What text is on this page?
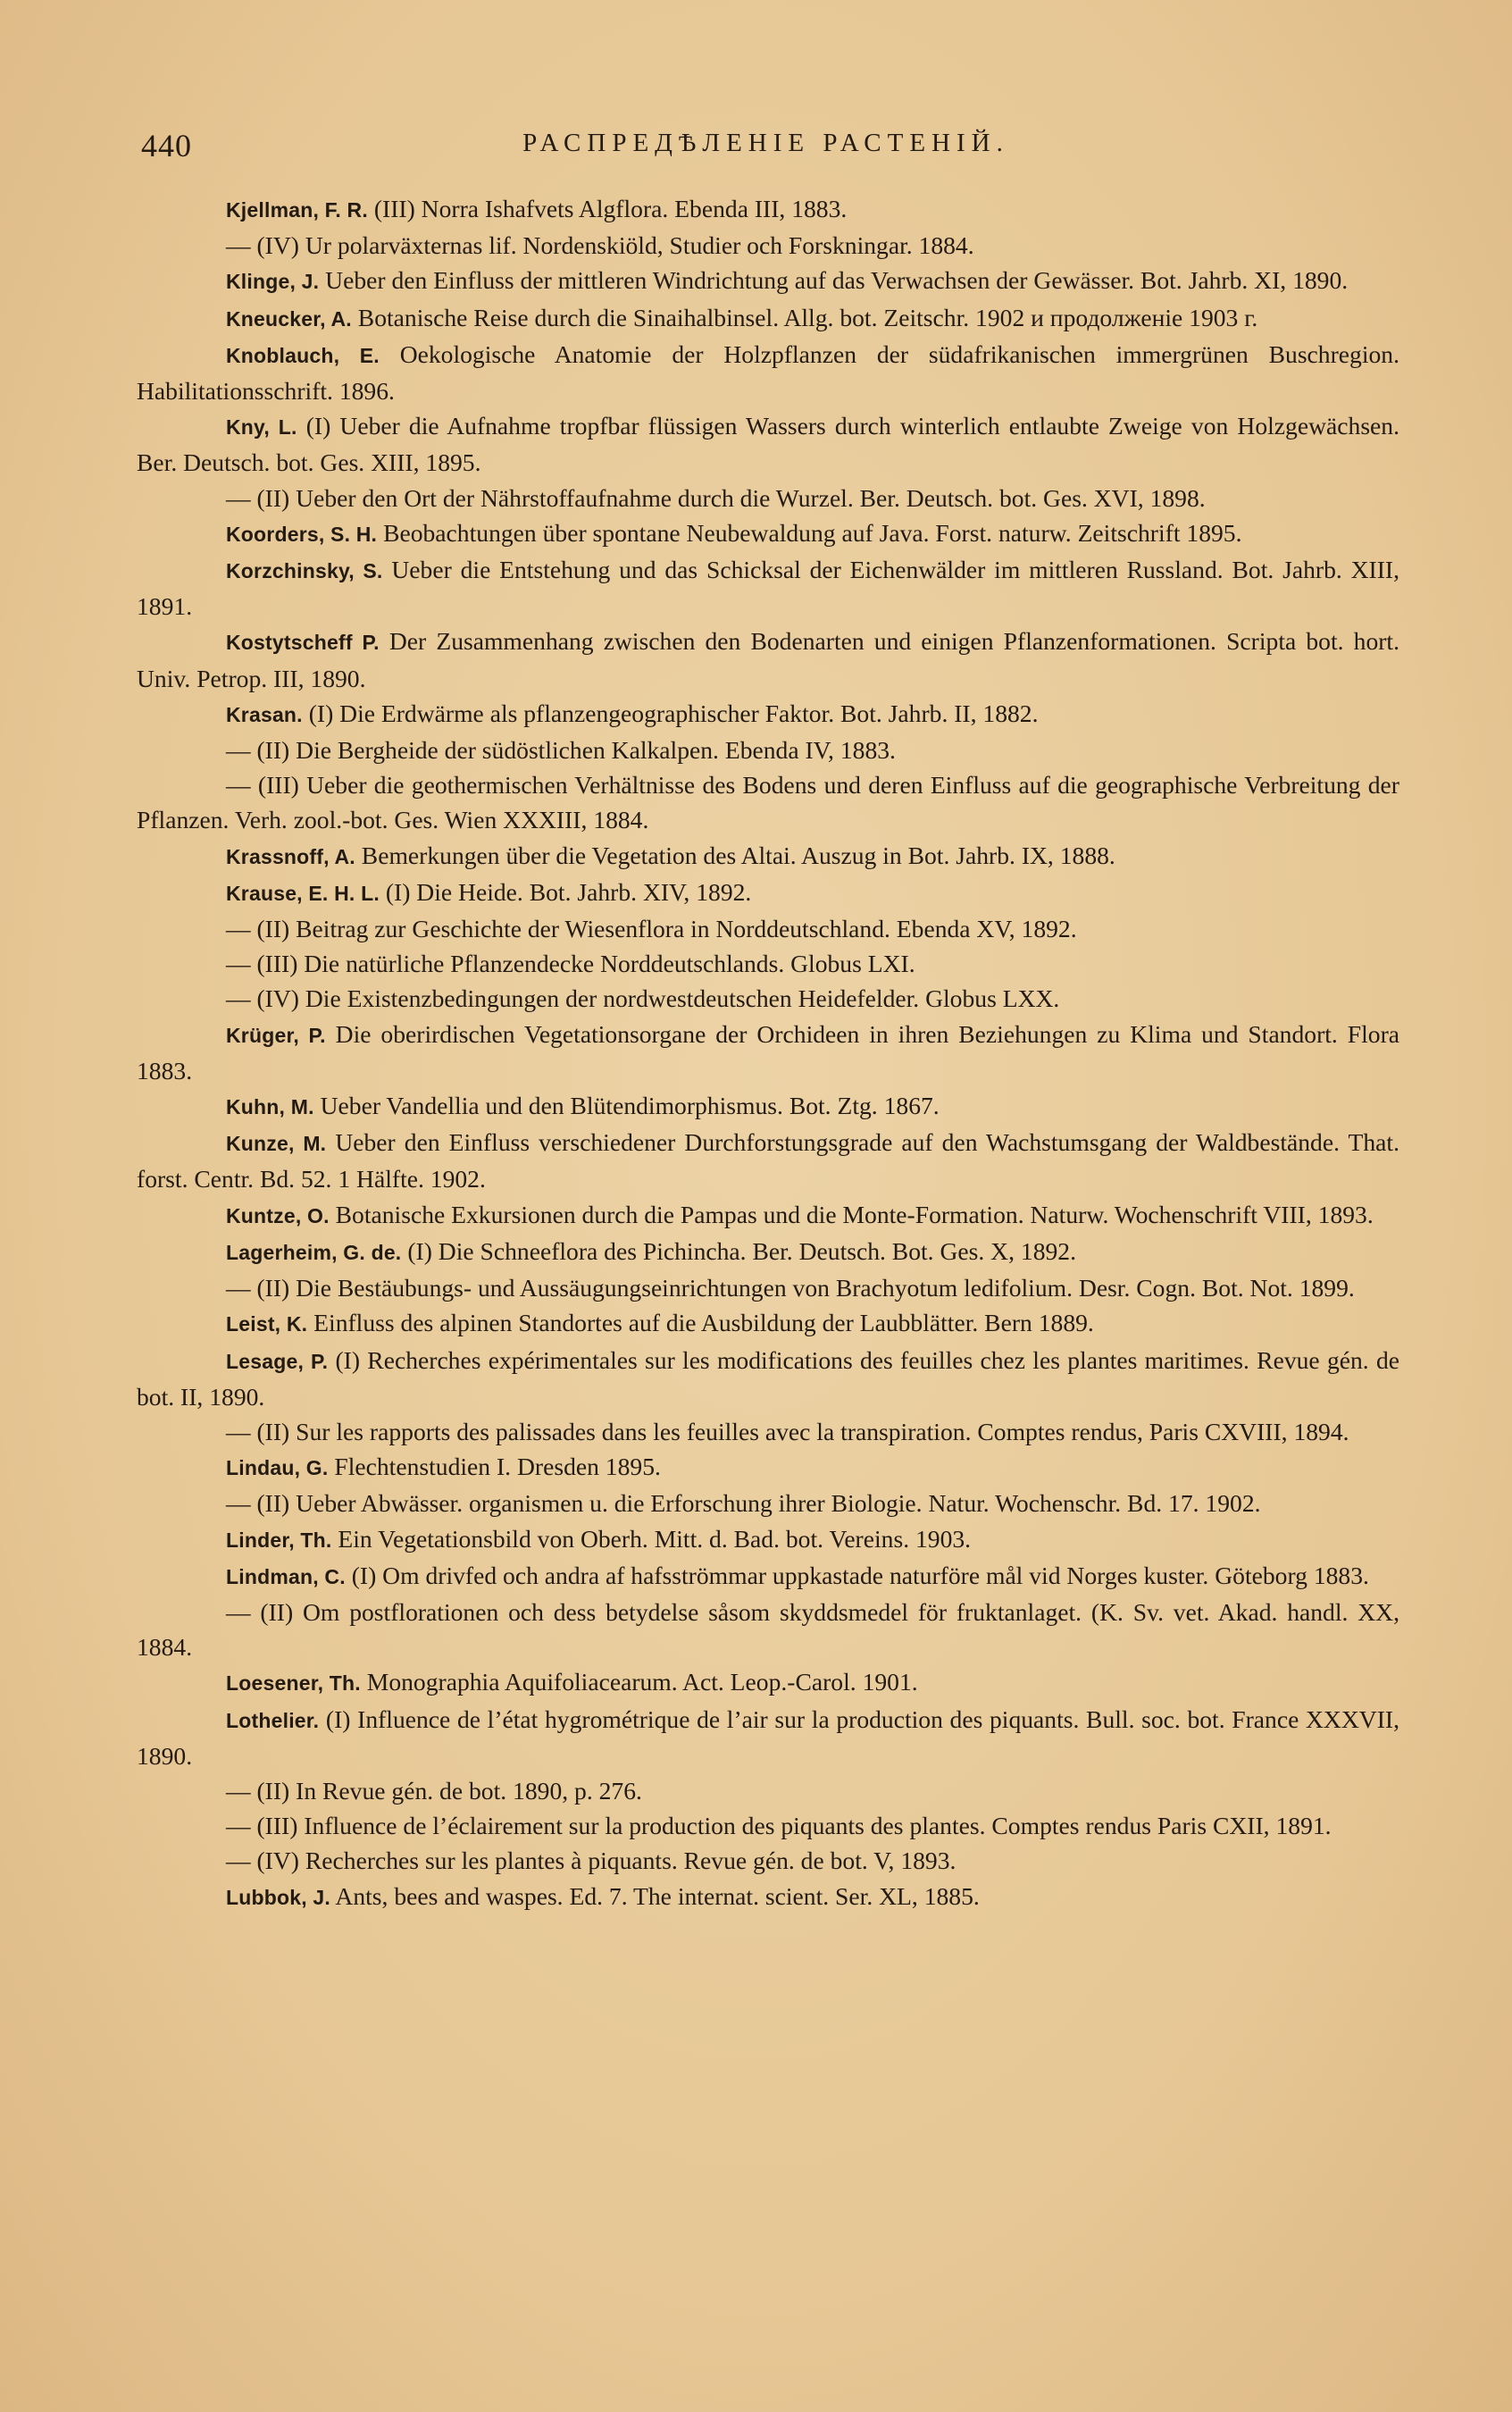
440	РАСПРЕДѢЛЕНІЕ РАСТЕНІЙ.

Kjellman, F. R. (III) Norra Ishafvets Algflora. Ebenda III, 1883.

— (IV) Ur polarväxternas lif. Nordenskiöld, Studier och Forskningar. 1884.

Klinge, J. Ueber den Einfluss der mittleren Windrichtung auf das Verwachsen der Gewässer. Bot. Jahrb. XI, 1890.

Kneucker, A. Botanische Reise durch die Sinaihalbinsel. Allg. bot. Zeitschr. 1902 и продолженіе 1903 г.

Knoblauch, E. Oekologische Anatomie der Holzpflanzen der südafrikanischen immergrünen Buschregion. Habilitationsschrift. 1896.

Kny, L. (I) Ueber die Aufnahme tropfbar flüssigen Wassers durch winterlich entlaubte Zweige von Holzgewächsen. Ber. Deutsch. bot. Ges. XIII, 1895.

— (II) Ueber den Ort der Nährstoffaufnahme durch die Wurzel. Ber. Deutsch. bot. Ges. XVI, 1898.

Koorders, S. H. Beobachtungen über spontane Neubewaldung auf Java. Forst. naturw. Zeitschrift 1895.

Korzchinsky, S. Ueber die Entstehung und das Schicksal der Eichenwälder im mittleren Russland. Bot. Jahrb. XIII, 1891.

Kostytscheff P. Der Zusammenhang zwischen den Bodenarten und einigen Pflanzenformationen. Scripta bot. hort. Univ. Petrop. III, 1890.

Krasan. (I) Die Erdwärme als pflanzengeographischer Faktor. Bot. Jahrb. II, 1882.

— (II) Die Bergheide der südöstlichen Kalkalpen. Ebenda IV, 1883.

— (III) Ueber die geothermischen Verhältnisse des Bodens und deren Einfluss auf die geographische Verbreitung der Pflanzen. Verh. zool.-bot. Ges. Wien XXXIII, 1884.

Krassnoff, A. Bemerkungen über die Vegetation des Altai. Auszug in Bot. Jahrb. IX, 1888.

Krause, E. H. L. (I) Die Heide. Bot. Jahrb. XIV, 1892.

— (II) Beitrag zur Geschichte der Wiesenflora in Norddeutschland. Ebenda XV, 1892.

— (III) Die natürliche Pflanzendecke Norddeutschlands. Globus LXI.

— (IV) Die Existenzbedingungen der nordwestdeutschen Heidefelder. Globus LXX.

Krüger, P. Die oberirdischen Vegetationsorgane der Orchideen in ihren Beziehungen zu Klima und Standort. Flora 1883.

Kuhn, M. Ueber Vandellia und den Blütendimorphismus. Bot. Ztg. 1867.

Kunze, M. Ueber den Einfluss verschiedener Durchforstungsgrade auf den Wachstumsgang der Waldbestände. That. forst. Centr. Bd. 52. 1 Hälfte. 1902.

Kuntze, O. Botanische Exkursionen durch die Pampas und die Monte-Formation. Naturw. Wochenschrift VIII, 1893.

Lagerheim, G. de. (I) Die Schneeflora des Pichincha. Ber. Deutsch. Bot. Ges. X, 1892.

— (II) Die Bestäubungs- und Aussäugungseinrichtungen von Brachyotum ledifolium. Desr. Cogn. Bot. Not. 1899.

Leist, K. Einfluss des alpinen Standortes auf die Ausbildung der Laubblätter. Bern 1889.

Lesage, P. (I) Recherches expérimentales sur les modifications des feuilles chez les plantes maritimes. Revue gén. de bot. II, 1890.

— (II) Sur les rapports des palissades dans les feuilles avec la transpiration. Comptes rendus, Paris CXVIII, 1894.

Lindau, G. Flechtenstudien I. Dresden 1895.

— (II) Ueber Abwässer. organismen u. die Erforschung ihrer Biologie. Natur. Wochenschr. Bd. 17. 1902.

Linder, Th. Ein Vegetationsbild von Oberh. Mitt. d. Bad. bot. Vereins. 1903.

Lindman, C. (I) Om drivfed och andra af hafsströmmar uppkastade naturföre mål vid Norges kuster. Göteborg 1883.

— (II) Om postflorationen och dess betydelse såsom skyddsmedel för fruktanlaget. (K. Sv. vet. Akad. handl. XX, 1884.

Loesener, Th. Monographia Aquifoliacearum. Act. Leop.-Carol. 1901.

Lothelier. (I) Influence de l’état hygrométrique de l’air sur la production des piquants. Bull. soc. bot. France XXXVII, 1890.

— (II) In Revue gén. de bot. 1890, p. 276.

— (III) Influence de l’éclairement sur la production des piquants des plantes. Comptes rendus Paris CXII, 1891.

— (IV) Recherches sur les plantes à piquants. Revue gén. de bot. V, 1893.

Lubbok, J. Ants, bees and waspes. Ed. 7. The internat. scient. Ser. XL, 1885.
